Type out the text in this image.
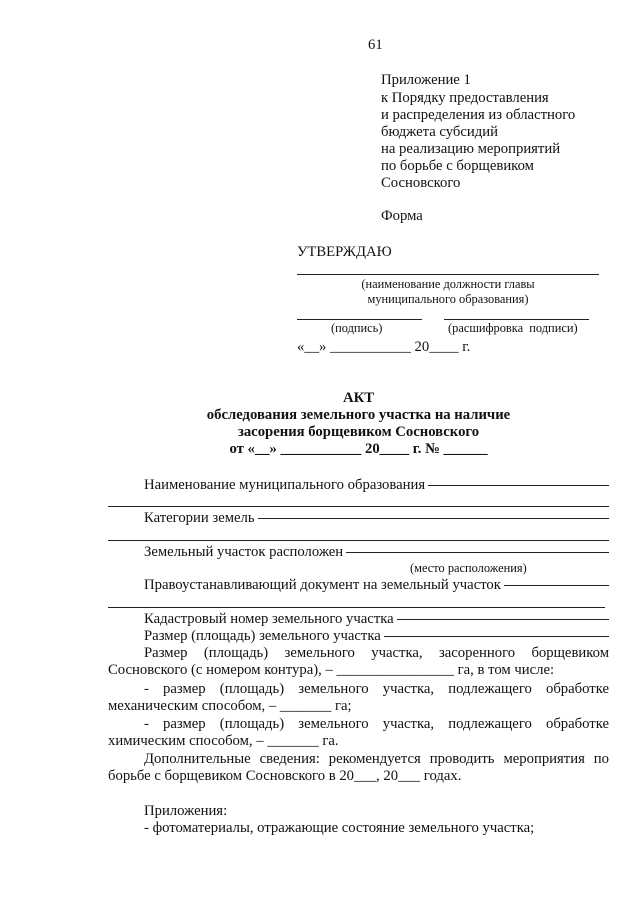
61
Приложение 1
к Порядку предоставления
и распределения из областного
бюджета субсидий
на реализацию мероприятий
по борьбе с борщевиком
Сосновского
Форма
УТВЕРЖДАЮ
(наименование должности главы
муниципального образования)
(подпись)	(расшифровка  подписи)
«__» ___________ 20____ г.
АКТ
обследования земельного участка на наличие
засорения борщевиком Сосновского
от «__» ___________ 20____ г. № ______
Наименование муниципального образования
Категории земель
Земельный участок расположен
(место расположения)
Правоустанавливающий документ на земельный участок
Кадастровый номер земельного участка
Размер (площадь) земельного участка
Размер (площадь) земельного участка, засоренного борщевиком
Сосновского (с номером контура), – ________________ га, в том числе:
- размер (площадь) земельного участка, подлежащего обработке
механическим способом, – _______ га;
- размер (площадь) земельного участка, подлежащего обработке
химическим способом, – _______ га.
Дополнительные сведения: рекомендуется проводить мероприятия по
борьбе с борщевиком Сосновского в 20___, 20___ годах.
Приложения:
- фотоматериалы, отражающие состояние земельного участка;
